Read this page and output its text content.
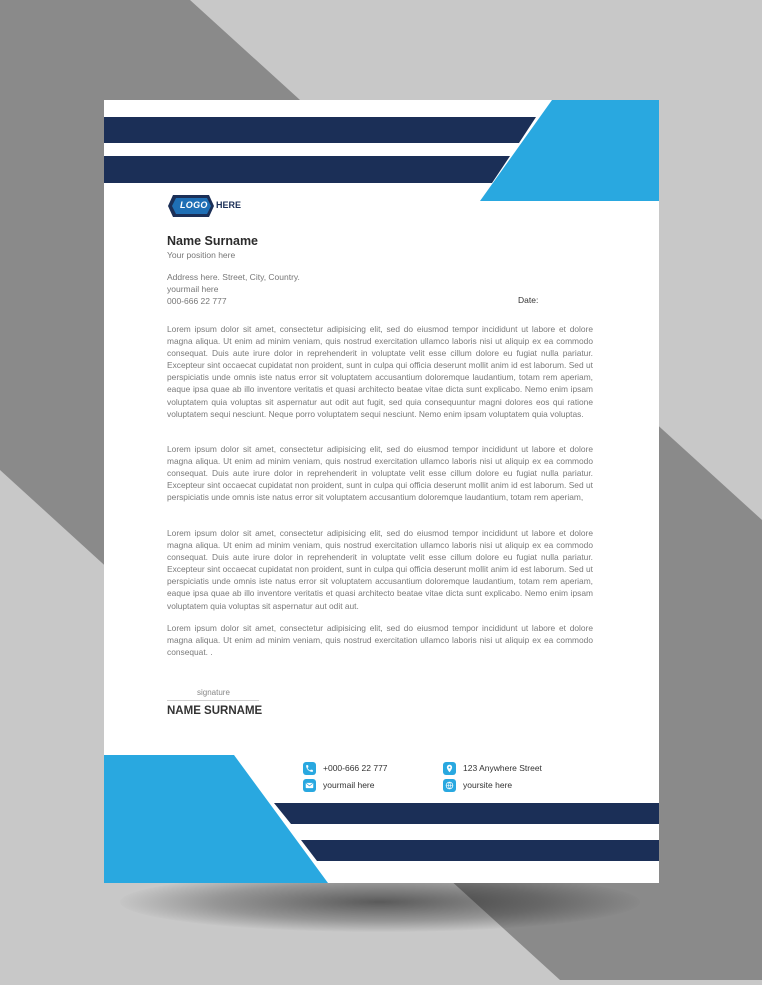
LOGO HERE
Name Surname
Your position here
Address here. Street, City, Country.
yourmail here
000-666 22 777	Date:

Lorem ipsum dolor sit amet, consectetur adipisicing elit, sed do eiusmod tempor incididunt ut labore et dolore magna aliqua. Ut enim ad minim veniam, quis nostrud exercitation ullamco laboris nisi ut aliquip ex ea commodo consequat. Duis aute irure dolor in reprehenderit in voluptate velit esse cillum dolore eu fugiat nulla pariatur. Excepteur sint occaecat cupidatat non proident, sunt in culpa qui officia deserunt mollit anim id est laborum. Sed ut perspiciatis unde omnis iste natus error sit voluptatem accusantium doloremque laudantium, totam rem aperiam, eaque ipsa quae ab illo inventore veritatis et quasi architecto beatae vitae dicta sunt explicabo. Nemo enim ipsam voluptatem quia voluptas sit aspernatur aut odit aut fugit, sed quia consequuntur magni dolores eos qui ratione voluptatem sequi nesciunt. Neque porro voluptatem sequi nesciunt. Nemo enim ipsam voluptatem quia voluptas.

Lorem ipsum dolor sit amet, consectetur adipisicing elit, sed do eiusmod tempor incididunt ut labore et dolore magna aliqua. Ut enim ad minim veniam, quis nostrud exercitation ullamco laboris nisi ut aliquip ex ea commodo consequat. Duis aute irure dolor in reprehenderit in voluptate velit esse cillum dolore eu fugiat nulla pariatur. Excepteur sint occaecat cupidatat non proident, sunt in culpa qui officia deserunt mollit anim id est laborum. Sed ut perspiciatis unde omnis iste natus error sit voluptatem accusantium doloremque laudantium, totam rem aperiam,

Lorem ipsum dolor sit amet, consectetur adipisicing elit, sed do eiusmod tempor incididunt ut labore et dolore magna aliqua. Ut enim ad minim veniam, quis nostrud exercitation ullamco laboris nisi ut aliquip ex ea commodo consequat. Duis aute irure dolor in reprehenderit in voluptate velit esse cillum dolore eu fugiat nulla pariatur. Excepteur sint occaecat cupidatat non proident, sunt in culpa qui officia deserunt mollit anim id est laborum. Sed ut perspiciatis unde omnis iste natus error sit voluptatem accusantium doloremque laudantium, totam rem aperiam, eaque ipsa quae ab illo inventore veritatis et quasi architecto beatae vitae dicta sunt explicabo. Nemo enim ipsam voluptatem quia voluptas sit aspernatur aut odit aut.

Lorem ipsum dolor sit amet, consectetur adipisicing elit, sed do eiusmod tempor incididunt ut labore et dolore magna aliqua. Ut enim ad minim veniam, quis nostrud exercitation ullamco laboris nisi ut aliquip ex ea commodo consequat. .

signature
NAME SURNAME
+000-666 22 777
yourmail here
123 Anywhere Street
yoursite here
